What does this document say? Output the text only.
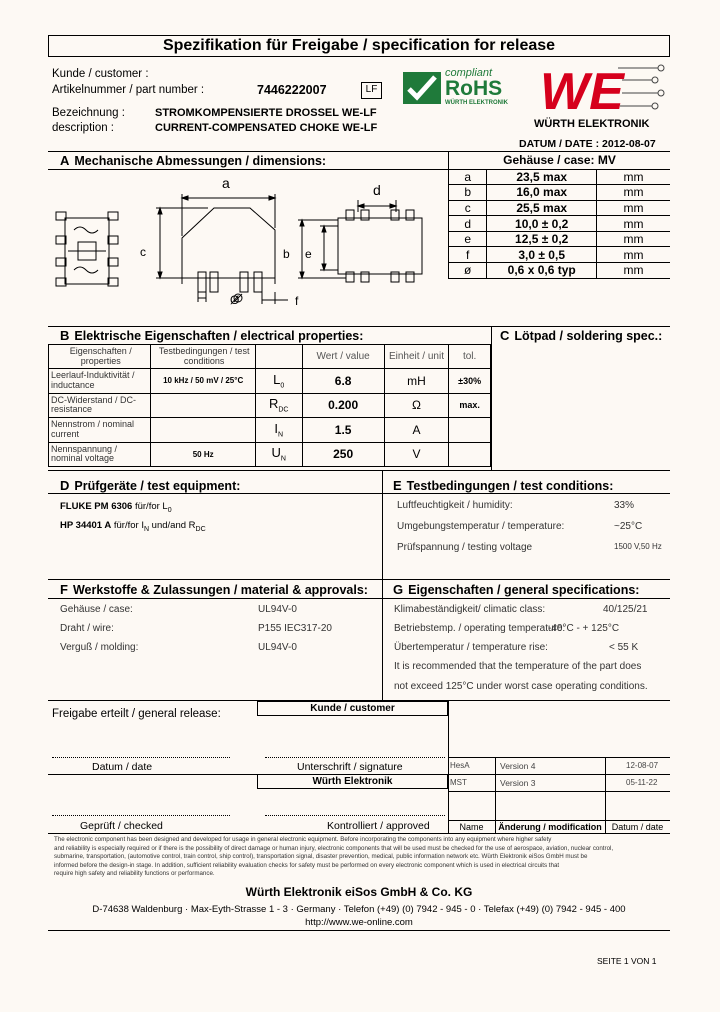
Spezifikation für Freigabe / specification for release
Kunde / customer :
Artikelnummer / part number :	7446222007	LF
Bezeichnung :	STROMKOMPENSIERTE DROSSEL WE-LF
description :	CURRENT-COMPENSATED CHOKE WE-LF
compliant
RoHS
WÜRTH ELEKTRONIK WE
WÜRTH ELEKTRONIK
DATUM / DATE : 2012-08-07
A Mechanische Abmessungen / dimensions:
a
c
d
b e
Ø	f
Gehäuse / case: MV		
a	23,5 max	mm
b	16,0 max	mm
c	25,5 max	mm
d	10,0 ± 0,2	mm
e	12,5 ± 0,2	mm
f	3,0 ± 0,5	mm
ø	0,6 x 0,6 typ	mm
B Elektrische Eigenschaften / electrical properties:	C Lötpad / soldering spec.:
Eigenschaften / properties	Testbedingungen / test conditions		Wert / value	Einheit / unit	tol.
Leerlauf-Induktivität / inductance	10 kHz / 50 mV / 25°C	$L_0$	6.8	mH	±30%
DC-Widerstand / DC-resistance		$R_{DC}$	0.200	Ω	max.
Nennstrom / nominal current		$I_N$	1.5	A	
Nennspannung / nominal voltage	50 Hz	$U_N$	250	V	
D Prüfgeräte / test equipment:	E Testbedingungen / test conditions:
FLUKE PM 6306 für/for $L_0$
HP 34401 A für/for $I_N$ und/and $R_{DC}$
Luftfeuchtigkeit / humidity:	33%
Umgebungstemperatur / temperature:	~25°C
Prüfspannung / testing voltage	1500 V,50 Hz
F Werkstoffe & Zulassungen / material & approvals: G Eigenschaften / general specifications:
Gehäuse / case:	UL94V-0
Draht / wire:	P155 IEC317-20
Verguß / molding:	UL94V-0
Klimabeständigkeit/ climatic class:	40/125/21
Betriebstemp. / operating temperature:
-40°C - + 125°C
Übertemperatur / temperature rise:	< 55 K
It is recommended that the temperature of the part does
not exceed 125°C under worst case operating conditions.
Freigabe erteilt / general release:	Kunde / customer
Datum / date	Unterschrift / signature
Würth Elektronik
Geprüft / checked	Kontrolliert / approved
HesA	Version 4	12-08-07
MST	Version 3	05-11-22
Name	Änderung / modification	Datum / date
The electronic component has been designed and developed for usage in general electronic equipment. Before incorporating the components into any equipment where higher safety
and reliability is especially required or if there is the possibility of direct damage or human injury, electronic components that will be used must be checked for the use of aerospace, aviation, nuclear control,
submarine, transportation, (automotive control, train control, ship control), transportation signal, disaster prevention, medical, public information network etc. Würth Elektronik eiSos GmbH must be
informed before the design-in stage. In addition, sufficient reliability evaluation checks for safety must be performed on every electronic component which is used in electrical circuits that
require high safety and reliability functions or performance.
Würth Elektronik eiSos GmbH & Co. KG
D-74638 Waldenburg · Max-Eyth-Strasse 1 - 3 · Germany · Telefon (+49) (0) 7942 - 945 - 0 · Telefax (+49) (0) 7942 - 945 - 400
http://www.we-online.com
SEITE 1 VON 1
